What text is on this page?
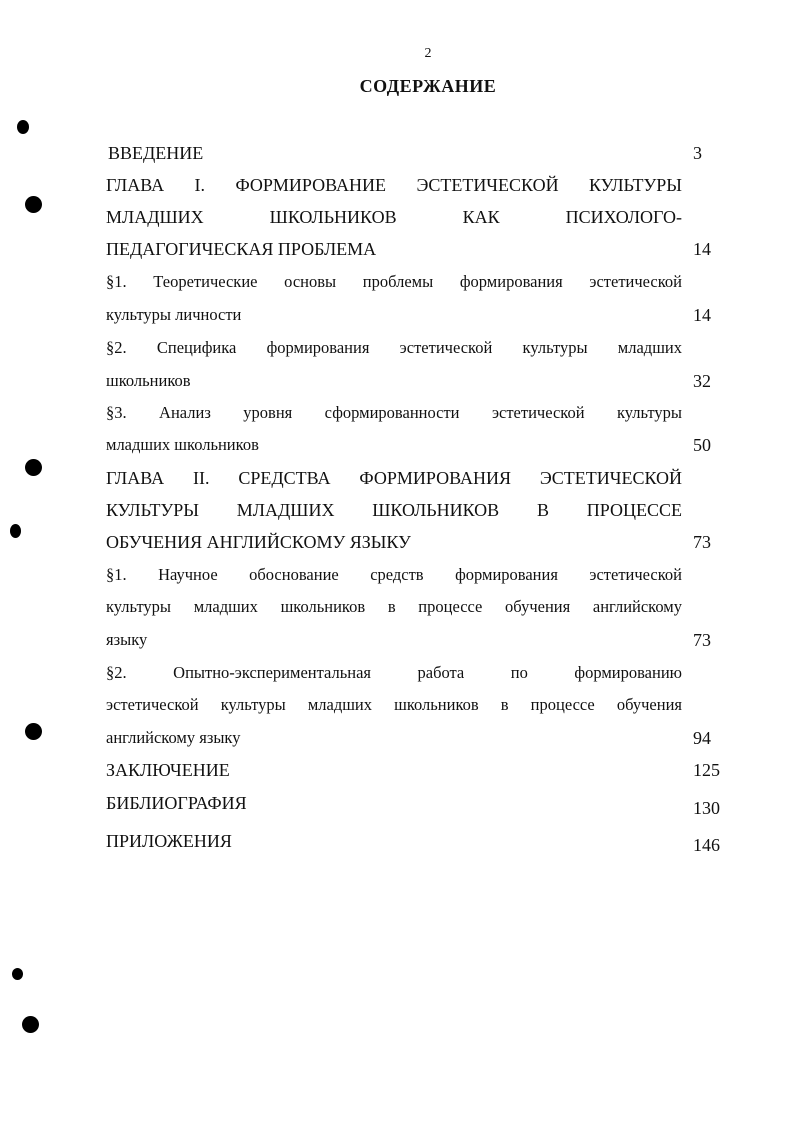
2
СОДЕРЖАНИЕ
ВВЕДЕНИЕ	3
ГЛАВА I. ФОРМИРОВАНИЕ ЭСТЕТИЧЕСКОЙ КУЛЬТУРЫ
МЛАДШИХ ШКОЛЬНИКОВ КАК ПСИХОЛОГО-
ПЕДАГОГИЧЕСКАЯ ПРОБЛЕМА	14
§1. Теоретические основы проблемы формирования эстетической
культуры личности	14
§2. Специфика формирования эстетической культуры младших
школьников	32
§3. Анализ уровня сформированности эстетической культуры
младших школьников	50
ГЛАВА II. СРЕДСТВА ФОРМИРОВАНИЯ ЭСТЕТИЧЕСКОЙ
КУЛЬТУРЫ МЛАДШИХ ШКОЛЬНИКОВ В ПРОЦЕССЕ
ОБУЧЕНИЯ АНГЛИЙСКОМУ ЯЗЫКУ	73
§1. Научное обоснование средств формирования эстетической
культуры младших школьников в процессе обучения английскому
языку	73
§2. Опытно-экспериментальная работа по формированию
эстетической культуры младших школьников в процессе обучения
английскому языку	94
ЗАКЛЮЧЕНИЕ	125
БИБЛИОГРАФИЯ	130
ПРИЛОЖЕНИЯ	146
